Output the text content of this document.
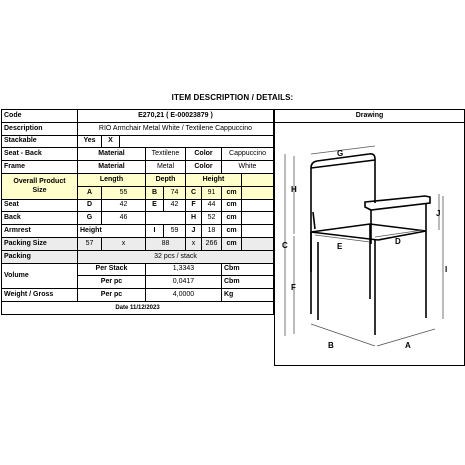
ITEM DESCRIPTION / DETAILS:
Code	E270,21 ( E-00023879 )								
Description	RIO Armchair Metal White / Textilene Cappuccino								
Stackable	Yes	X							
Seat - Back	Material			Textilene		Color		Cappuccino	
Frame	Material			Metal		Color		White	
Overall Product
Size	Length			Depth		Height			
	A	55		B	74	C	91	cm	
Seat	D	42		E	42	F	44	cm	
Back	G	46				H	52	cm	
Armrest	Height			I	59	J	18	cm	
Packing Size	57	x		88		x	266	cm	
Packing	32 pcs / stack								
Volume	Per Stack			1,3343				Cbm	
	Per pc			0,0417				Cbm	
Weight / Gross	Per pc			4,0000				Kg	
Date 11/12/2023									
Drawing
G
H
C
F
J
I
E
D
B	A
